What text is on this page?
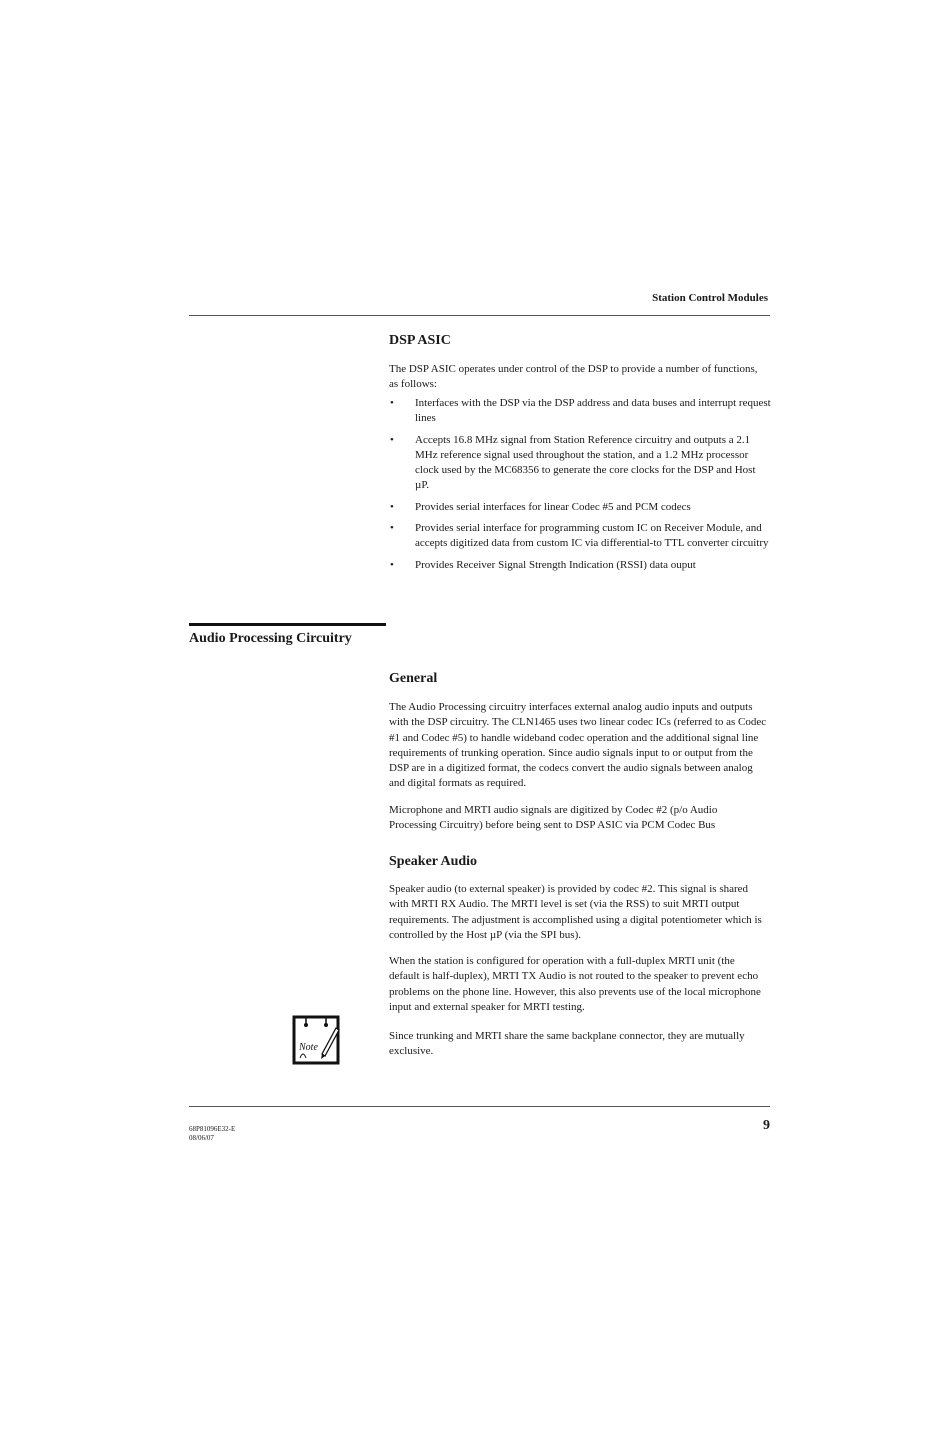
Station Control Modules
DSP ASIC

The DSP ASIC operates under control of the DSP to provide a number of functions, as follows:

• Interfaces with the DSP via the DSP address and data buses and interrupt request lines
• Accepts 16.8 MHz signal from Station Reference circuitry and outputs a 2.1 MHz reference signal used throughout the station, and a 1.2 MHz processor clock used by the MC68356 to generate the core clocks for the DSP and Host µP.
• Provides serial interfaces for linear Codec #5 and PCM codecs
• Provides serial interface for programming custom IC on Receiver Module, and accepts digitized data from custom IC via differential-to TTL converter circuitry
• Provides Receiver Signal Strength Indication (RSSI) data ouput
Audio Processing Circuitry
General

The Audio Processing circuitry interfaces external analog audio inputs and outputs with the DSP circuitry. The CLN1465 uses two linear codec ICs (referred to as Codec #1 and Codec #5) to handle wideband codec operation and the additional signal line requirements of trunking operation. Since audio signals input to or output from the DSP are in a digitized format, the codecs convert the audio signals between analog and digital formats as required.

Microphone and MRTI audio signals are digitized by Codec #2 (p/o Audio Processing Circuitry) before being sent to DSP ASIC via PCM Codec Bus

Speaker Audio

Speaker audio (to external speaker) is provided by codec #2. This signal is shared with MRTI RX Audio. The MRTI level is set (via the RSS) to suit MRTI output requirements. The adjustment is accomplished using a digital potentiometer which is controlled by the Host µP (via the SPI bus).

When the station is configured for operation with a full-duplex MRTI unit (the default is half-duplex), MRTI TX Audio is not routed to the speaker to prevent echo problems on the phone line. However, this also prevents use of the local microphone input and external speaker for MRTI testing.

Note

Since trunking and MRTI share the same backplane connector, they are mutually exclusive.

68P81096E32-E
08/06/07
9
